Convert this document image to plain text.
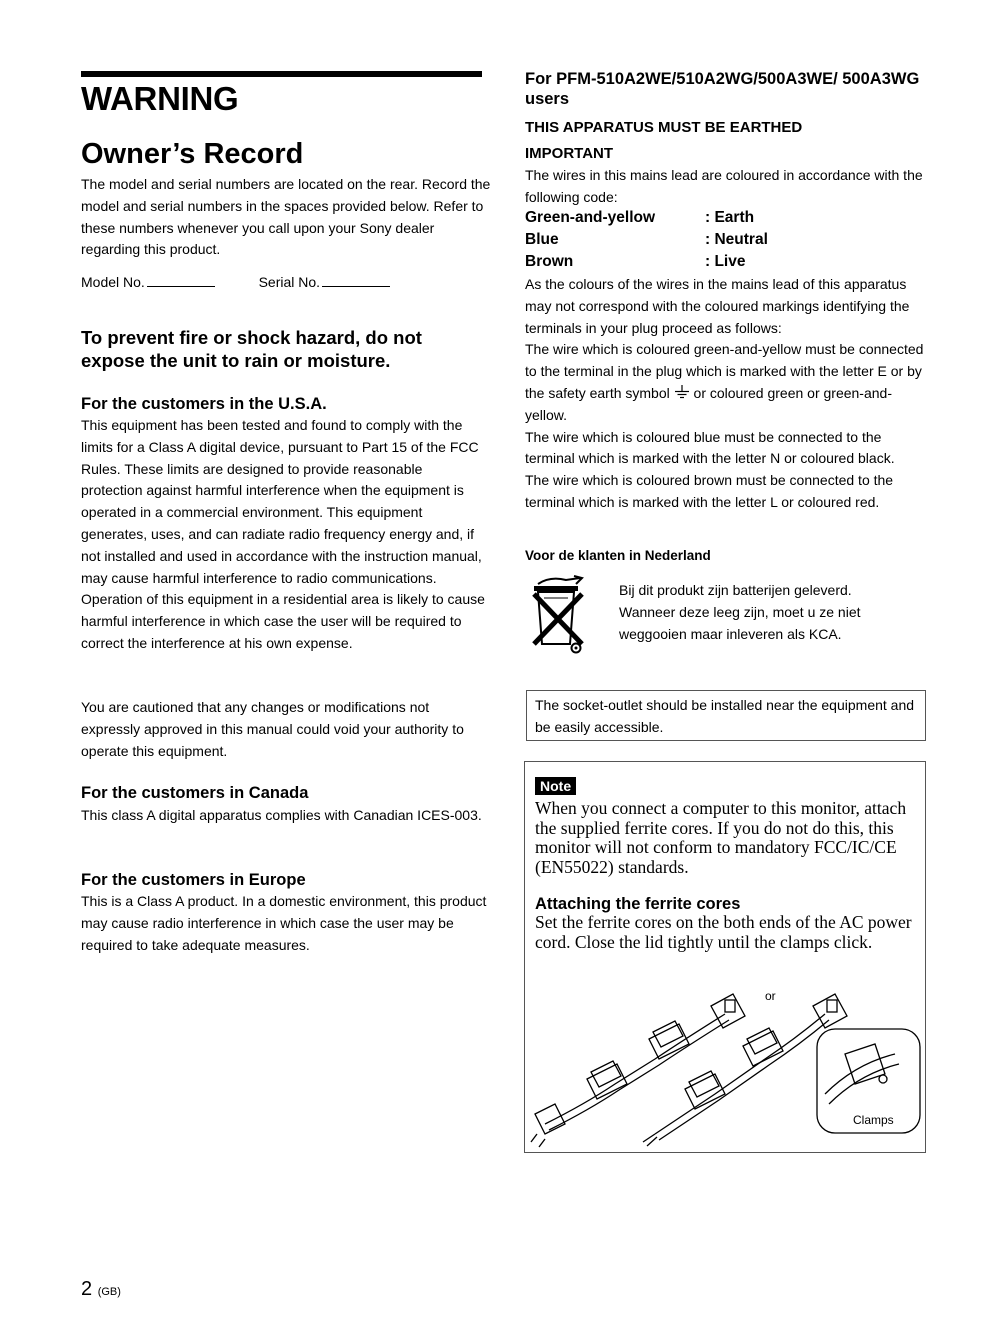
WARNING
Owner’s Record

The model and serial numbers are located on the rear. Record the model and serial numbers in the spaces provided below. Refer to these numbers whenever you call upon your Sony dealer regarding this product.

Model No.	Serial No.
To prevent fire or shock hazard, do not expose the unit to rain or moisture.
For the customers in the U.S.A.

This equipment has been tested and found to comply with the limits for a Class A digital device, pursuant to Part 15 of the FCC Rules. These limits are designed to provide reasonable protection against harmful interference when the equipment is operated in a commercial environment. This equipment generates, uses, and can radiate radio frequency energy and, if not installed and used in accordance with the instruction manual, may cause harmful interference to radio communications. Operation of this equipment in a residential area is likely to cause harmful interference in which case the user will be required to correct the interference at his own expense.

You are cautioned that any changes or modifications not expressly approved in this manual could void your authority to operate this equipment.

For the customers in Canada

This class A digital apparatus complies with Canadian ICES-003.

For the customers in Europe

This is a Class A product. In a domestic environment, this product may cause radio interference in which case the user may be required to take adequate measures.

For PFM-510A2WE/510A2WG/500A3WE/ 500A3WG users
THIS APPARATUS MUST BE EARTHED
IMPORTANT

The wires in this mains lead are coloured in accordance with the following code:

Green-and-yellow	: Earth
Blue	: Neutral
Brown	: Live

As the colours of the wires in the mains lead of this apparatus may not correspond with the coloured markings identifying the terminals in your plug proceed as follows:

The wire which is coloured green-and-yellow must be connected to the terminal in the plug which is marked with the letter E or by the safety earth symbol or coloured green or green-and-yellow.

The wire which is coloured blue must be connected to the terminal which is marked with the letter N or coloured black.

The wire which is coloured brown must be connected to the terminal which is marked with the letter L or coloured red.

Voor de klanten in Nederland

Bij dit produkt zijn batterijen geleverd. Wanneer deze leeg zijn, moet u ze niet weggooien maar inleveren als KCA.

The socket-outlet should be installed near the equipment and be easily accessible.

Note

When you connect a computer to this monitor, attach the supplied ferrite cores. If you do not do this, this monitor will not conform to mandatory FCC/IC/CE (EN55022) standards.

Attaching the ferrite cores

Set the ferrite cores on the both ends of the AC power cord. Close the lid tightly until the clamps click.

or
Clamps
2 (GB)
